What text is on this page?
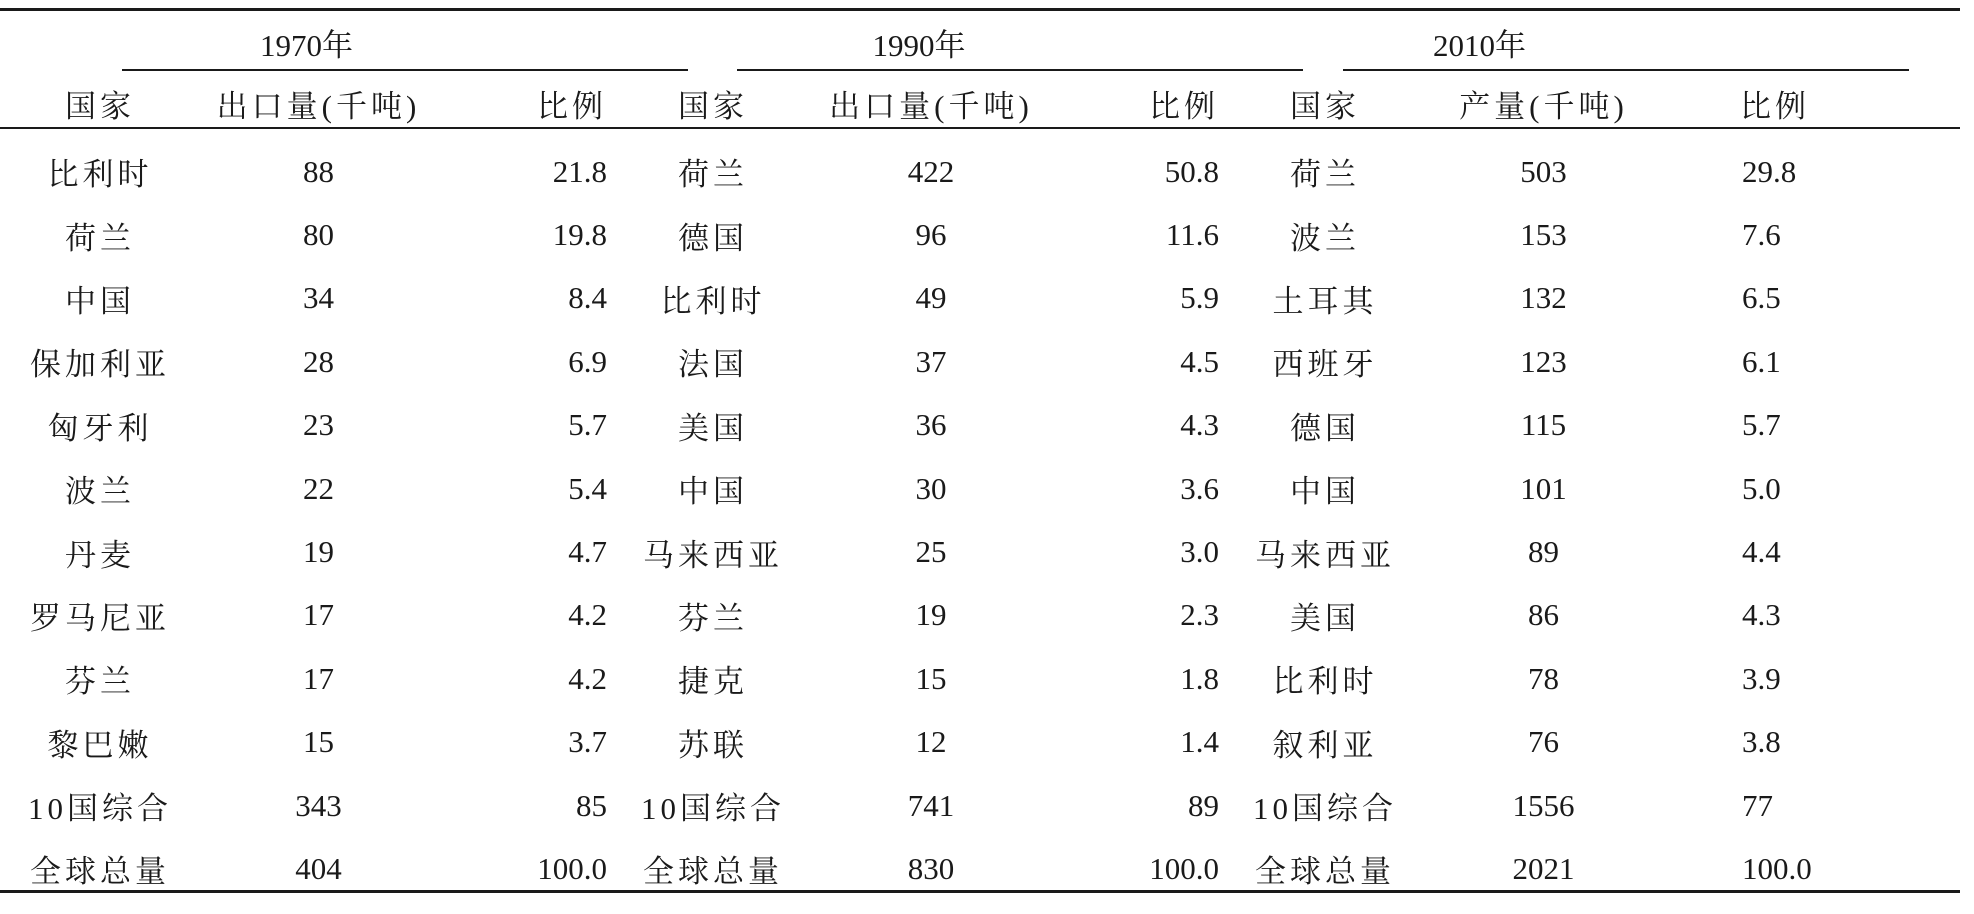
1970年			1990年			2010年		
国家	出口量(千吨)	比例	国家	出口量(千吨)	比例	国家	产量(千吨)	比例
比利时	88	21.8	荷兰	422	50.8	荷兰	503	29.8
荷兰	80	19.8	德国	96	11.6	波兰	153	7.6
中国	34	8.4	比利时	49	5.9	土耳其	132	6.5
保加利亚	28	6.9	法国	37	4.5	西班牙	123	6.1
匈牙利	23	5.7	美国	36	4.3	德国	115	5.7
波兰	22	5.4	中国	30	3.6	中国	101	5.0
丹麦	19	4.7	马来西亚	25	3.0	马来西亚	89	4.4
罗马尼亚	17	4.2	芬兰	19	2.3	美国	86	4.3
芬兰	17	4.2	捷克	15	1.8	比利时	78	3.9
黎巴嫩	15	3.7	苏联	12	1.4	叙利亚	76	3.8
10国综合	343	85	10国综合	741	89	10国综合	1556	77
全球总量	404	100.0	全球总量	830	100.0	全球总量	2021	100.0
